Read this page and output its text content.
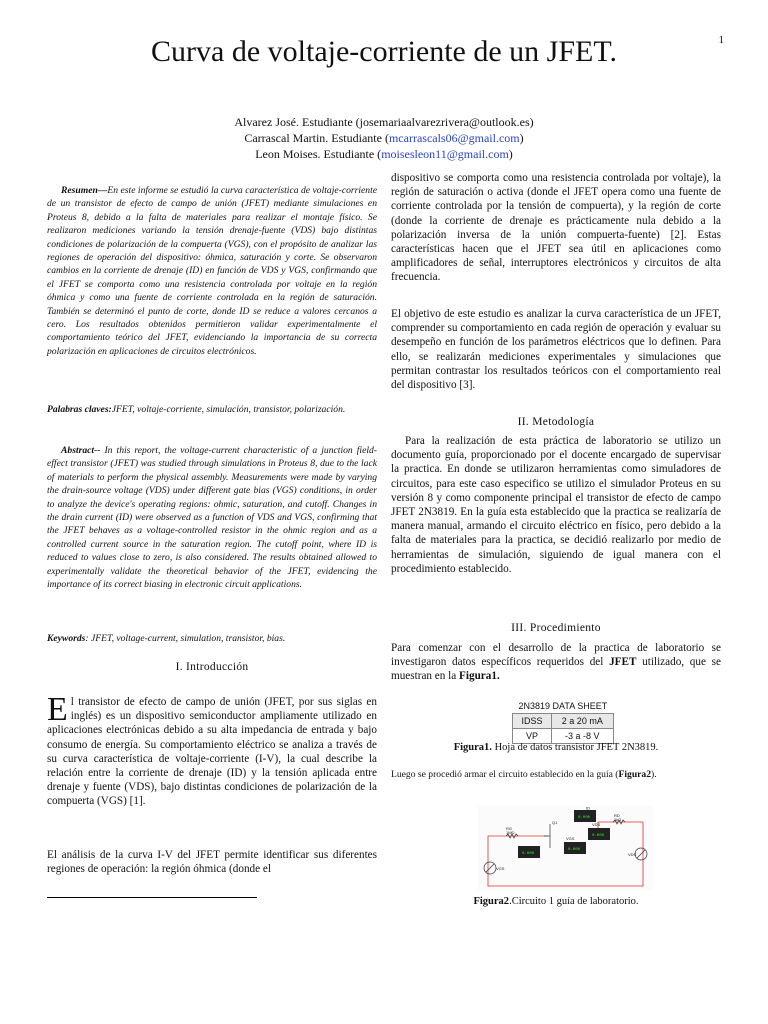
1
Curva de voltaje-corriente de un JFET.
Alvarez José. Estudiante (josemariaalvarezrivera@outlook.es)
Carrascal Martin. Estudiante (mcarrascals06@gmail.com)
Leon Moises. Estudiante (moisesleon11@gmail.com)
Resumen—En este informe se estudió la curva característica de voltaje-corriente de un transistor de efecto de campo de unión (JFET) mediante simulaciones en Proteus 8, debido a la falta de materiales para realizar el montaje físico. Se realizaron mediciones variando la tensión drenaje-fuente (VDS) bajo distintas condiciones de polarización de la compuerta (VGS), con el propósito de analizar las regiones de operación del dispositivo: óhmica, saturación y corte. Se observaron cambios en la corriente de drenaje (ID) en función de VDS y VGS, confirmando que el JFET se comporta como una resistencia controlada por voltaje en la región óhmica y como una fuente de corriente controlada en la región de saturación. También se determinó el punto de corte, donde ID se reduce a valores cercanos a cero. Los resultados obtenidos permitieron validar experimentalmente el comportamiento teórico del JFET, evidenciando la importancia de su correcta polarización en aplicaciones de circuitos electrónicos.
Palabras claves:JFET, voltaje-corriente, simulación, transistor, polarización.
Abstract-- In this report, the voltage-current characteristic of a junction field-effect transistor (JFET) was studied through simulations in Proteus 8, due to the lack of materials to perform the physical assembly. Measurements were made by varying the drain-source voltage (VDS) under different gate bias (VGS) conditions, in order to analyze the device's operating regions: ohmic, saturation, and cutoff. Changes in the drain current (ID) were observed as a function of VDS and VGS, confirming that the JFET behaves as a voltage-controlled resistor in the ohmic region and as a controlled current source in the saturation region. The cutoff point, where ID is reduced to values close to zero, is also considered. The results obtained allowed to experimentally validate the theoretical behavior of the JFET, evidencing the importance of its correct biasing in electronic circuit applications.
Keywords: JFET, voltage-current, simulation, transistor, bias.
I. Introducción
El transistor de efecto de campo de unión (JFET, por sus siglas en inglés) es un dispositivo semiconductor ampliamente utilizado en aplicaciones electrónicas debido a su alta impedancia de entrada y bajo consumo de energía. Su comportamiento eléctrico se analiza a través de su curva característica de voltaje-corriente (I-V), la cual describe la relación entre la corriente de drenaje (ID) y la tensión aplicada entre drenaje y fuente (VDS), bajo distintas condiciones de polarización de la compuerta (VGS) [1].
El análisis de la curva I-V del JFET permite identificar sus diferentes regiones de operación: la región óhmica (donde el
dispositivo se comporta como una resistencia controlada por voltaje), la región de saturación o activa (donde el JFET opera como una fuente de corriente controlada por la tensión de compuerta), y la región de corte (donde la corriente de drenaje es prácticamente nula debido a la polarización inversa de la unión compuerta-fuente) [2]. Estas características hacen que el JFET sea útil en aplicaciones como amplificadores de señal, interruptores electrónicos y circuitos de alta frecuencia.
El objetivo de este estudio es analizar la curva característica de un JFET, comprender su comportamiento en cada región de operación y evaluar su desempeño en función de los parámetros eléctricos que lo definen. Para ello, se realizarán mediciones experimentales y simulaciones que permitan contrastar los resultados teóricos con el comportamiento real del dispositivo [3].
II. Metodología
Para la realización de esta práctica de laboratorio se utilizo un documento guía, proporcionado por el docente encargado de supervisar la practica. En donde se utilizaron herramientas como simuladores de circuitos, para este caso especifico se utilizo el simulador Proteus en su versión 8 y como componente principal el transistor de efecto de campo JFET 2N3819. En la guía esta establecido que la practica se realizaría de manera manual, armando el circuito eléctrico en físico, pero debido a la falta de materiales para la practica, se decidió realizarlo por medio de herramientas de simulación, siguiendo de igual manera con el procedimiento establecido.
III. Procedimiento
Para comenzar con el desarrollo de la practica de laboratorio se investigaron datos específicos requeridos del JFET utilizado, que se muestran en la Figura1.
2N3819 DATA SHEET	
IDSS	2 a 20 mA
VP	-3 a -8 V
Figura1. Hoja de datos transistor JFET 2N3819.
Luego se procedió armar el circuito establecido en la guía (Figura2).
0.000
0.000
0.000
0.000
RG
1MΩ
Q1
VGS
VGS
VDS
VDS
ID
RD
1kΩ
Figura2.Circuito 1 guía de laboratorio.
